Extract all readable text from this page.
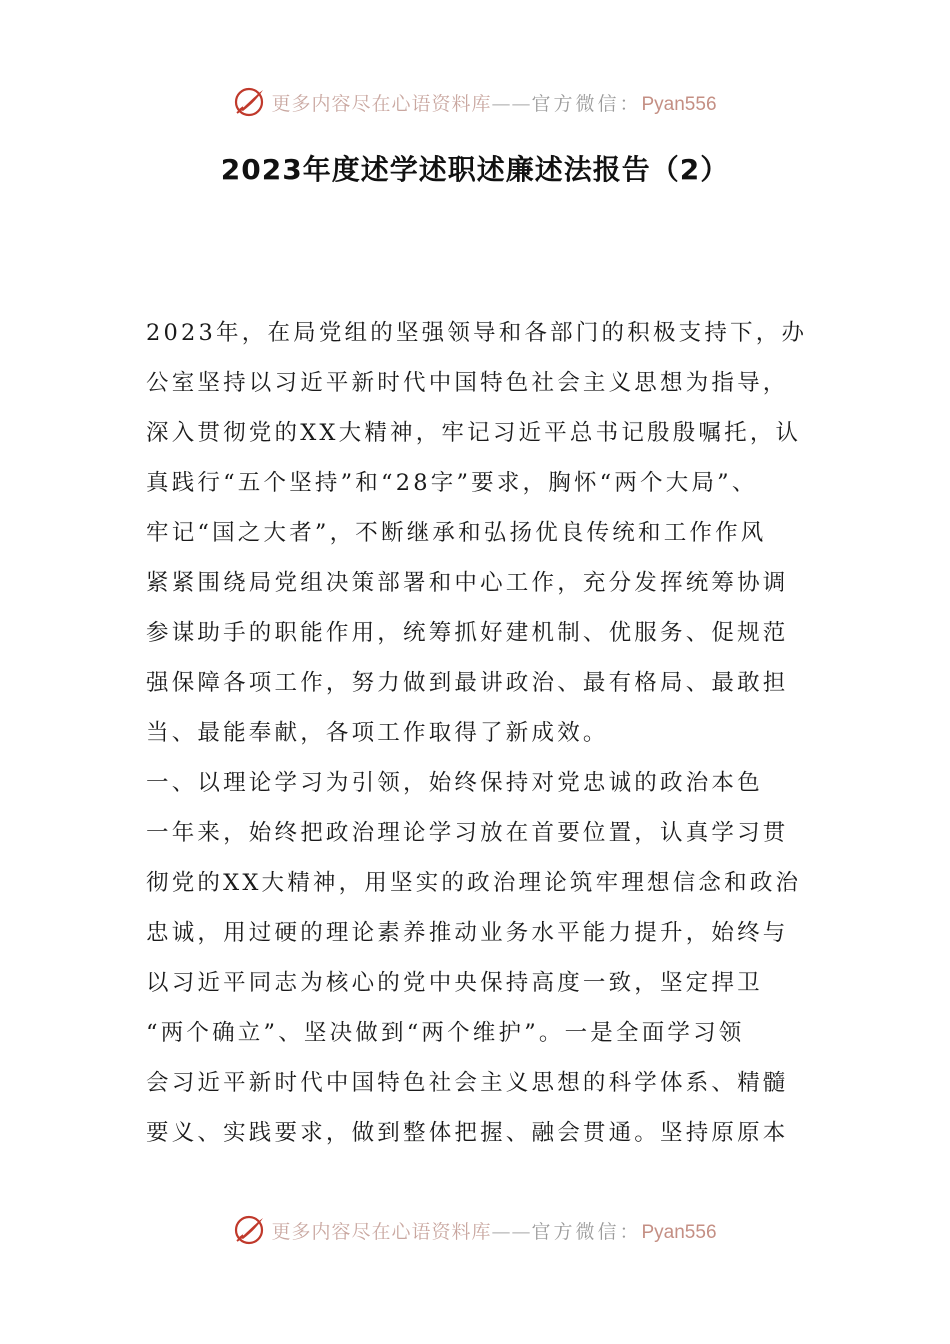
更多内容尽在心语资料库——官方微信：Pyan556
2023年度述学述职述廉述法报告（2）
2023年，在局党组的坚强领导和各部门的积极支持下，办
公室坚持以习近平新时代中国特色社会主义思想为指导，
深入贯彻党的XX大精神，牢记习近平总书记殷殷嘱托，认
真践行“五个坚持”和“28字”要求，胸怀“两个大局”、
牢记“国之大者”，不断继承和弘扬优良传统和工作作风
紧紧围绕局党组决策部署和中心工作，充分发挥统筹协调
参谋助手的职能作用，统筹抓好建机制、优服务、促规范
强保障各项工作，努力做到最讲政治、最有格局、最敢担
当、最能奉献，各项工作取得了新成效。
一、以理论学习为引领，始终保持对党忠诚的政治本色
一年来，始终把政治理论学习放在首要位置，认真学习贯
彻党的XX大精神，用坚实的政治理论筑牢理想信念和政治
忠诚，用过硬的理论素养推动业务水平能力提升，始终与
以习近平同志为核心的党中央保持高度一致，坚定捍卫
“两个确立”、坚决做到“两个维护”。一是全面学习领
会习近平新时代中国特色社会主义思想的科学体系、精髓
要义、实践要求，做到整体把握、融会贯通。坚持原原本
更多内容尽在心语资料库——官方微信：Pyan556
